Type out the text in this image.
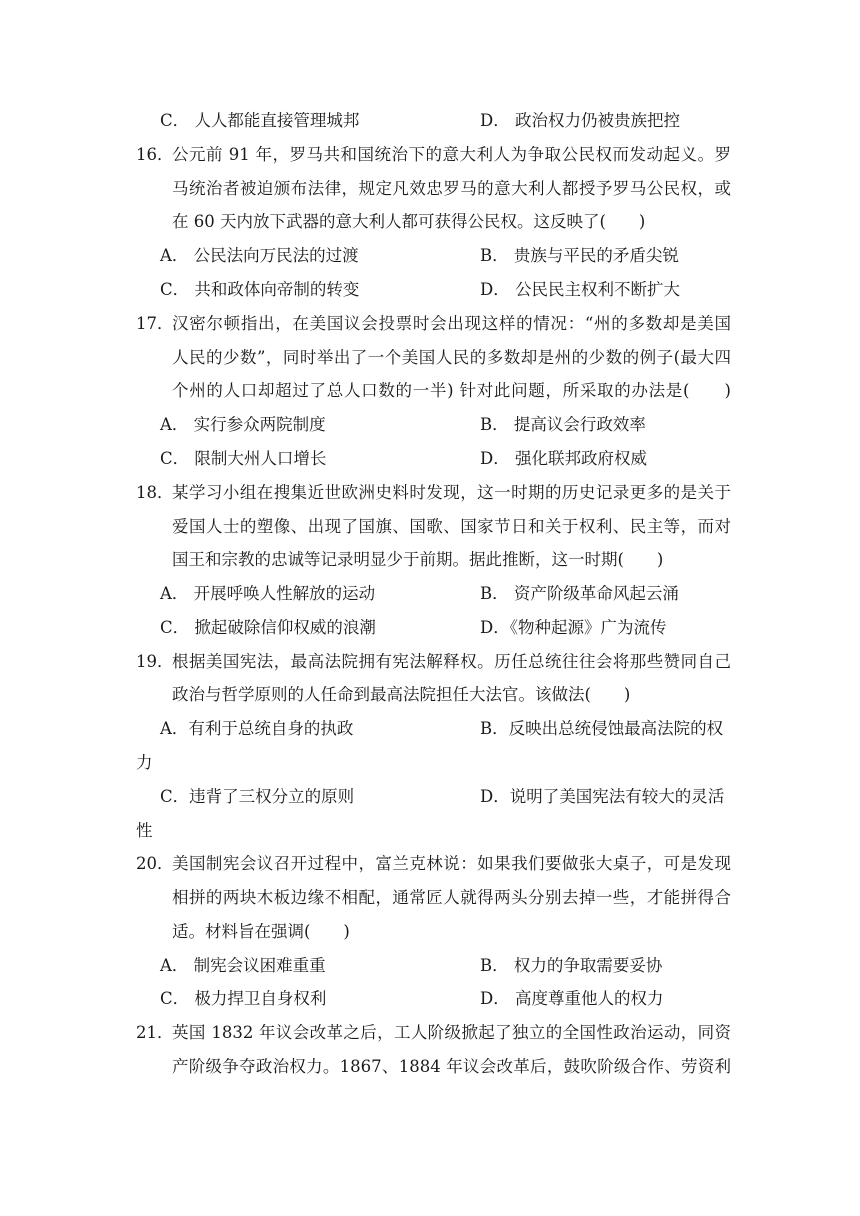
C． 人人都能直接管理城邦	D． 政治权力仍被贵族把控
16．
公元前 91 年，罗马共和国统治下的意大利人为争取公民权而发动起义。罗
马统治者被迫颁布法律，规定凡效忠罗马的意大利人都授予罗马公民权，或
在 60 天内放下武器的意大利人都可获得公民权。这反映了(　　)
A． 公民法向万民法的过渡	B． 贵族与平民的矛盾尖锐
C． 共和政体向帝制的转变	D． 公民民主权利不断扩大
17．
汉密尔顿指出，在美国议会投票时会出现这样的情况：“州的多数却是美国
人民的少数”，同时举出了一个美国人民的多数却是州的少数的例子(最大四
个州的人口却超过了总人口数的一半) 针对此问题，所采取的办法是(　　)
A． 实行参众两院制度	B． 提高议会行政效率
C． 限制大州人口增长	D． 强化联邦政府权威
18．
某学习小组在搜集近世欧洲史料时发现，这一时期的历史记录更多的是关于
爱国人士的塑像、出现了国旗、国歌、国家节日和关于权利、民主等，而对
国王和宗教的忠诚等记录明显少于前期。据此推断，这一时期(　　)
A． 开展呼唤人性解放的运动	B． 资产阶级革命风起云涌
C． 掀起破除信仰权威的浪潮	D．《物种起源》广为流传
19．
根据美国宪法，最高法院拥有宪法解释权。历任总统往往会将那些赞同自己
政治与哲学原则的人任命到最高法院担任大法官。该做法(　　)
A．有利于总统自身的执政	B．反映出总统侵蚀最高法院的权
力
C．违背了三权分立的原则	D．说明了美国宪法有较大的灵活
性
20．
美国制宪会议召开过程中，富兰克林说：如果我们要做张大桌子，可是发现
相拼的两块木板边缘不相配，通常匠人就得两头分别去掉一些，才能拼得合
适。材料旨在强调(　　)
A． 制宪会议困难重重	B． 权力的争取需要妥协
C． 极力捍卫自身权利	D． 高度尊重他人的权力
21．
英国 1832 年议会改革之后，工人阶级掀起了独立的全国性政治运动，同资
产阶级争夺政治权力。1867、1884 年议会改革后，鼓吹阶级合作、劳资利
